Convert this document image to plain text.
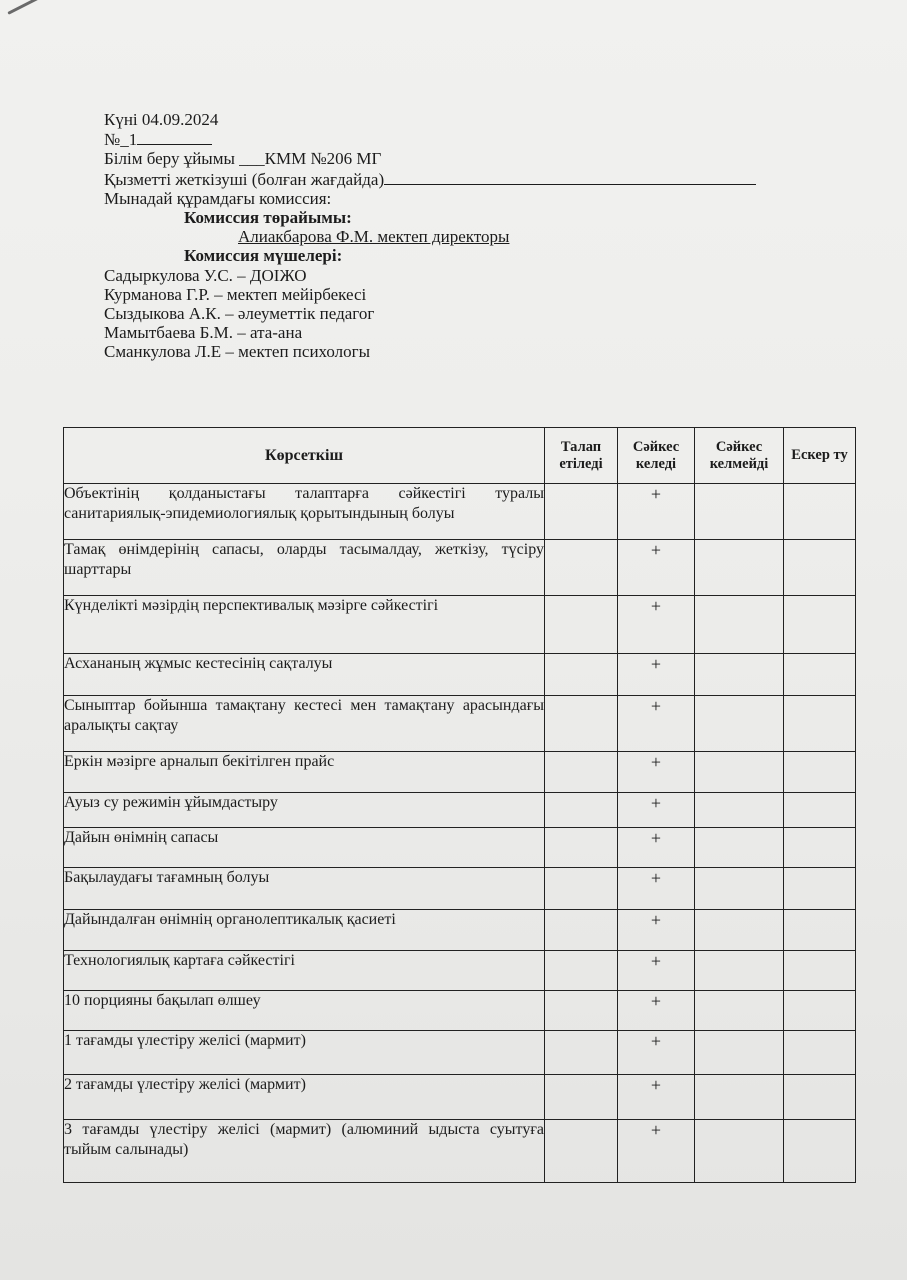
Күні 04.09.2024
№_1
Білім беру ұйымы ___КММ №206 МГ
Қызметті жеткізуші (болған жағдайда)
Мынадай құрамдағы комиссия:
Комиссия төрайымы:
Алиакбарова Ф.М. мектеп директоры
Комиссия мүшелері:
Садыркулова У.С. – ДОІЖО
Курманова Г.Р. – мектеп мейірбекесі
Сыздыкова А.К. – әлеуметтік педагог
Мамытбаева Б.М. – ата-ана
Сманкулова Л.Е – мектеп психологы
Көрсеткіш	Талап етіледі	Сәйкес келеді	Сәйкес келмейді	Ескер ту
Объектінің қолданыстағы талаптарға сәйкестігі туралы санитариялық-эпидемиологиялық қорытындының болуы		+		
Тамақ өнімдерінің сапасы, оларды тасымалдау, жеткізу, түсіру шарттары		+		
Күнделікті мәзірдің перспективалық мәзірге сәйкестігі		+		
Асхананың жұмыс кестесінің сақталуы		+		
Сыныптар бойынша тамақтану кестесі мен тамақтану арасындағы аралықты сақтау		+		
Еркін мәзірге арналып бекітілген прайс		+		
Ауыз су режимін ұйымдастыру		+		
Дайын өнімнің сапасы		+		
Бақылаудағы тағамның болуы		+		
Дайындалған өнімнің органолептикалық қасиеті		+		
Технологиялық картаға сәйкестігі		+		
10 порцияны бақылап өлшеу		+		
1 тағамды үлестіру желісі (мармит)		+		
2 тағамды үлестіру желісі (мармит)		+		
3 тағамды үлестіру желісі (мармит) (алюминий ыдыста суытуға тыйым салынады)		+		
